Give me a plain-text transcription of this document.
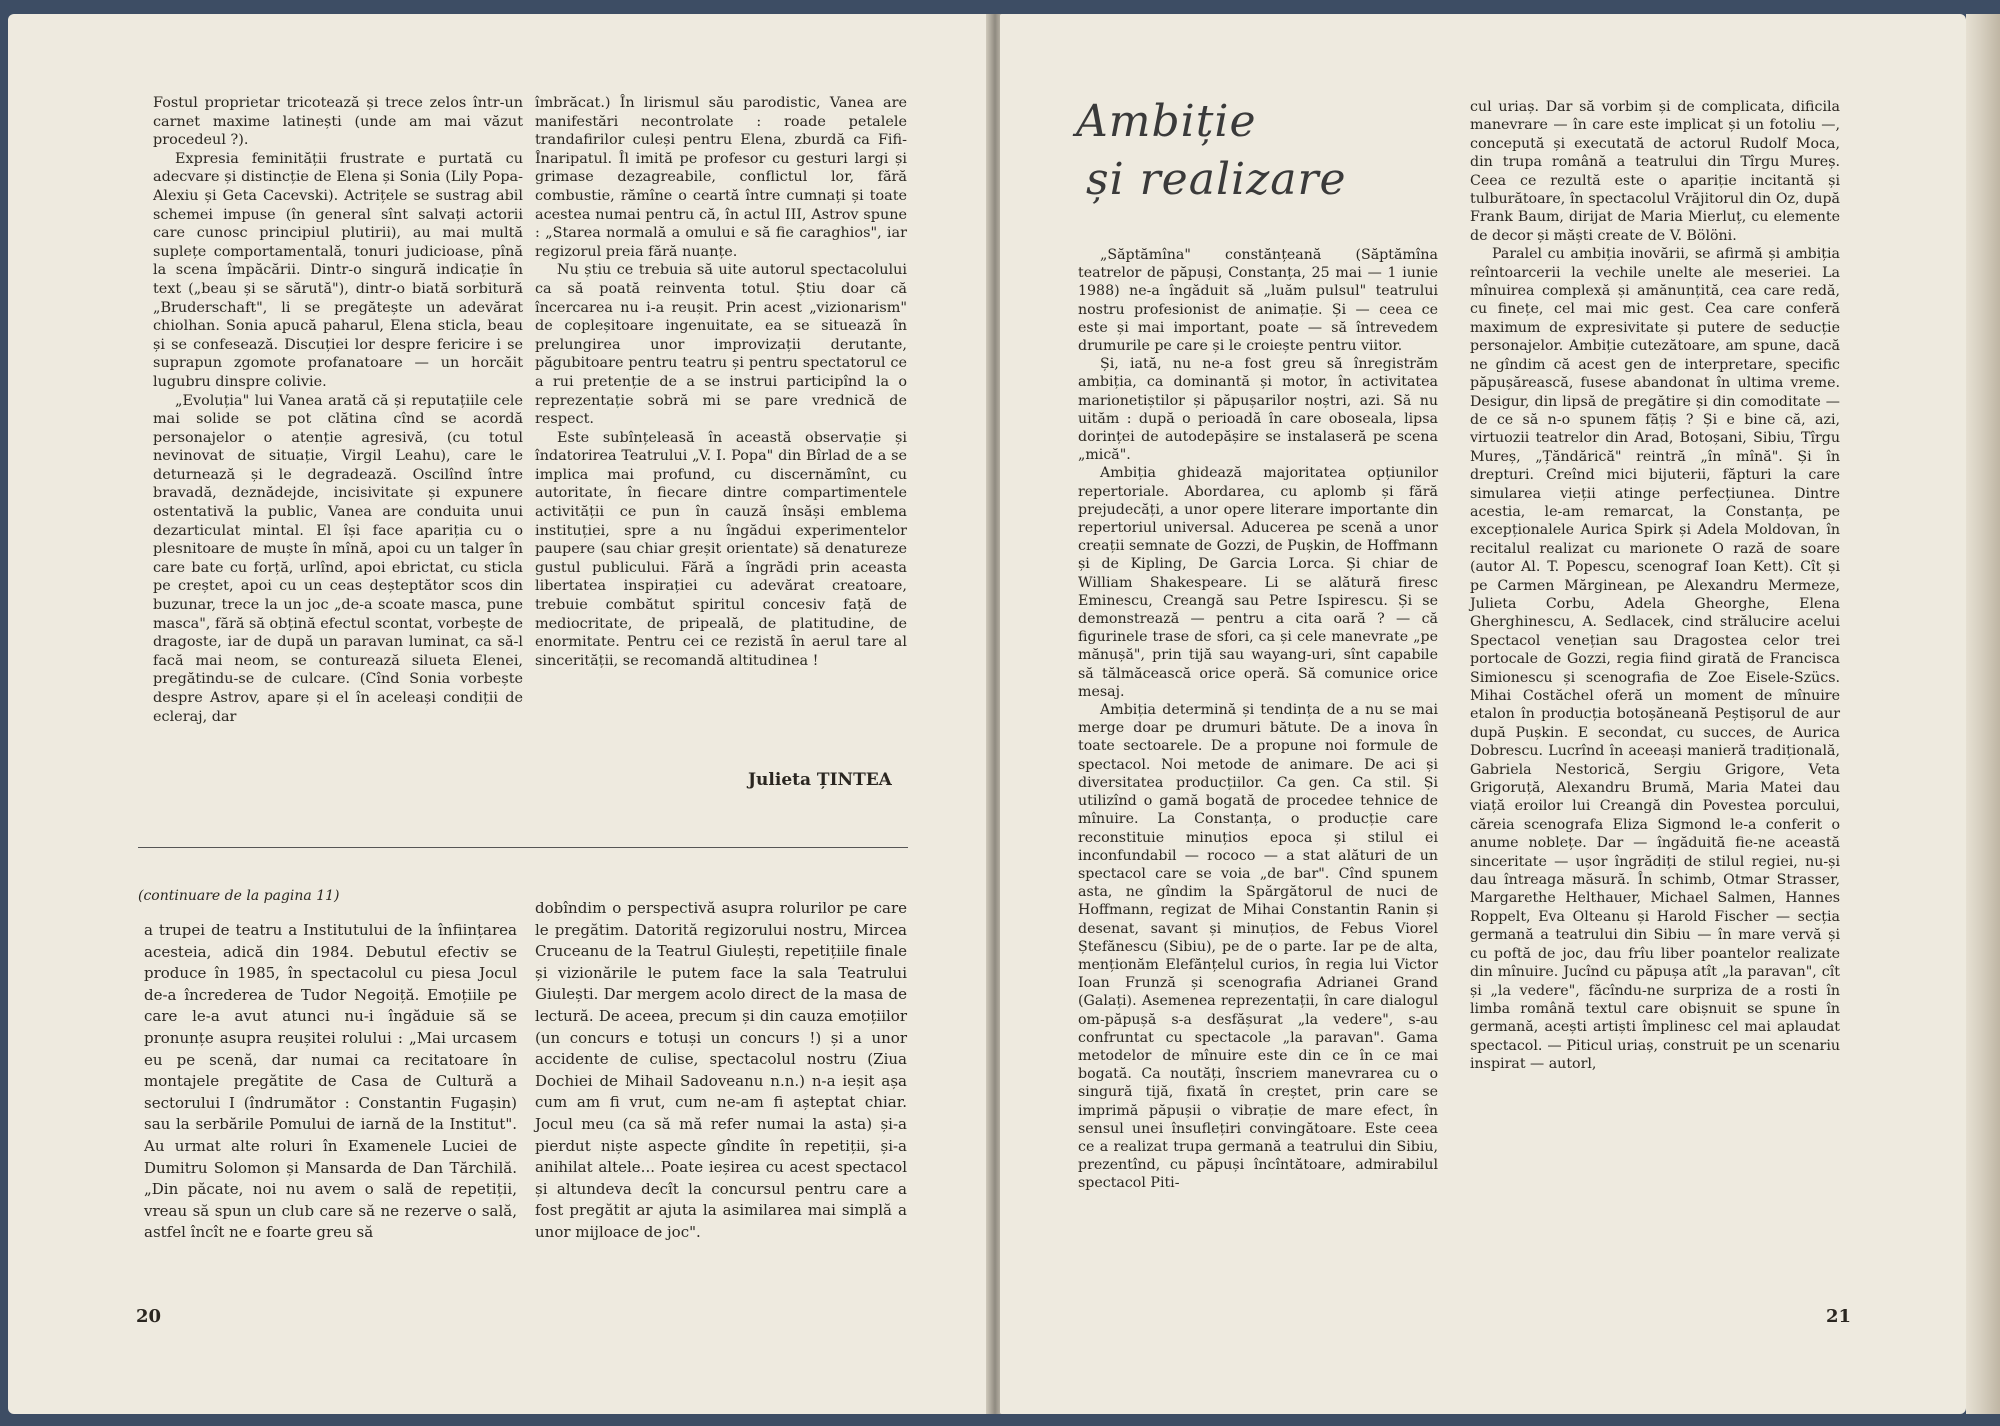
Fostul proprietar tricotează și trece zelos într-un carnet maxime latinești (unde am mai văzut procedeul ?).

Expresia feminității frustrate e purtată cu adecvare și distincție de Elena și Sonia (Lily Popa-Alexiu și Geta Cacevski). Actrițele se sustrag abil schemei impuse (în general sînt salvați actorii care cunosc principiul plutirii), au mai multă suplețe comportamentală, tonuri judicioase, pînă la scena împăcării. Dintr-o singură indicație în text („beau și se sărută"), dintr-o biată sorbitură „Bruderschaft", li se pregătește un adevărat chiolhan. Sonia apucă paharul, Elena sticla, beau și se confesează. Discuției lor despre fericire i se suprapun zgomote profanatoare — un horcăit lugubru dinspre colivie.

„Evoluția" lui Vanea arată că și reputațiile cele mai solide se pot clătina cînd se acordă personajelor o atenție agresivă, (cu totul nevinovat de situație, Virgil Leahu), care le deturnează și le degradează. Oscilînd între bravadă, deznădejde, incisivitate și expunere ostentativă la public, Vanea are conduita unui dezarticulat mintal. El își face apariția cu o plesnitoare de muște în mînă, apoi cu un talger în care bate cu forță, urlînd, apoi ebrictat, cu sticla pe creștet, apoi cu un ceas deșteptător scos din buzunar, trece la un joc „de-a scoate masca, pune masca", fără să obțină efectul scontat, vorbește de dragoste, iar de după un paravan luminat, ca să-l facă mai neom, se conturează silueta Elenei, pregătindu-se de culcare. (Cînd Sonia vorbește despre Astrov, apare și el în aceleași condiții de eclerај, dar

îmbrăcat.) În lirismul său parodistic, Vanea are manifestări necontrolate : roade petalele trandafirilor culeși pentru Elena, zburdă ca Fifi-Înaripatul. Îl imită pe profesor cu gesturi largi și grimase dezagreabile, conflictul lor, fără combustie, rămîne o ceartă între cumnați și toate acestea numai pentru că, în actul III, Astrov spune : „Starea normală a omului e să fie caraghios", iar regizorul preia fără nuanțe.

Nu știu ce trebuia să uite autorul spectacolului ca să poată reinventa totul. Știu doar că încercarea nu i-a reușit. Prin acest „vizionarism" de copleșitoare ingenuitate, ea se situează în prelungirea unor improvizații derutante, păgubitoare pentru teatru și pentru spectatorul ce a rui pretenție de a se instrui participînd la o reprezentație sobră mi se pare vrednică de respect.

Este subînțeleasă în această observație și îndatorirea Teatrului „V. I. Popa" din Bîrlad de a se implica mai profund, cu discernămînt, cu autoritate, în fiecare dintre compartimentele activității ce pun în cauză însăși emblema instituției, spre a nu îngădui experimentelor paupere (sau chiar greșit orientate) să denatureze gustul publicului. Fără a îngrădi prin aceasta libertatea inspirației cu adevărat creatoare, trebuie combătut spiritul concesiv față de mediocritate, de pripeală, de platitudine, de enormitate. Pentru cei ce rezistă în aerul tare al sincerității, se recomandă altitudinea !

Julieta ȚINTEA
(continuare de la pagina 11)

a trupei de teatru a Institutului de la înființarea acesteia, adică din 1984. Debutul efectiv se produce în 1985, în spectacolul cu piesa Jocul de-a încrederea de Tudor Negoiță. Emoțiile pe care le-a avut atunci nu-i îngăduie să se pronunțe asupra reușitei rolului : „Mai urcasem eu pe scenă, dar numai ca recitatoare în montajele pregătite de Casa de Cultură a sectorului I (îndrumător : Constantin Fugașin) sau la serbările Pomului de iarnă de la Institut". Au urmat alte roluri în Examenele Luciei de Dumitru Solomon și Mansarda de Dan Tărchilă. „Din păcate, noi nu avem o sală de repetiții, vreau să spun un club care să ne rezerve o sală, astfel încît ne e foarte greu să

dobîndim o perspectivă asupra rolurilor pe care le pregătim. Datorită regizorului nostru, Mircea Cruceanu de la Teatrul Giulești, repetițiile finale și vizionările le putem face la sala Teatrului Giulești. Dar mergem acolo direct de la masa de lectură. De aceea, precum și din cauza emoțiilor (un concurs e totuși un concurs !) și a unor accidente de culise, spectacolul nostru (Ziua Dochiei de Mihail Sadoveanu n.n.) n-a ieșit așa cum am fi vrut, cum ne-am fi așteptat chiar. Jocul meu (ca să mă refer numai la asta) și-a pierdut niște aspecte gîndite în repetiții, și-a anihilat altele... Poate ieșirea cu acest spectacol și altundeva decît la concursul pentru care a fost pregătit ar ajuta la asimilarea mai simplă a unor mijloace de joc".

20
Ambiție
și realizare

„Săptămîna" constănțeană (Săptămîna teatrelor de păpuși, Constanța, 25 mai — 1 iunie 1988) ne-a îngăduit să „luăm pulsul" teatrului nostru profesionist de animație. Și — ceea ce este și mai important, poate — să întrevedem drumurile pe care și le croiește pentru viitor.

Și, iată, nu ne-a fost greu să înregistrăm ambiția, ca dominantă și motor, în activitatea marionetiștilor și păpușarilor noștri, azi. Să nu uităm : după o perioadă în care oboseala, lipsa dorinței de autodepășire se instalaseră pe scena „mică".

Ambiția ghidează majoritatea opțiunilor repertoriale. Abordarea, cu aplomb și fără prejudecăți, a unor opere literare importante din repertoriul universal. Aducerea pe scenă a unor creații semnate de Gozzi, de Pușkin, de Hoffmann și de Kipling, De Garcia Lorca. Și chiar de William Shakespeare. Li se alătură firesc Eminescu, Creangă sau Petre Ispirescu. Și se demonstrează — pentru a cita oară ? — că figurinele trase de sfori, ca și cele manevrate „pe mănușă", prin tijă sau wayang-uri, sînt capabile să tălmăcească orice operă. Să comunice orice mesaj.

Ambiția determină și tendința de a nu se mai merge doar pe drumuri bătute. De a inova în toate sectoarele. De a propune noi formule de spectacol. Noi metode de animare. De aci și diversitatea producțiilor. Ca gen. Ca stil. Și utilizînd o gamă bogată de procedee tehnice de mînuire. La Constanța, o producție care reconstituie minuțios epoca și stilul ei inconfundabil — rococo — a stat alături de un spectacol care se voia „de bar". Cînd spunem asta, ne gîndim la Spărgătorul de nuci de Hoffmann, regizat de Mihai Constantin Ranin și desenat, savant și minuțios, de Febus Viorel Ștefănescu (Sibiu), pe de o parte. Iar pe de alta, menționăm Elefănțelul curios, în regia lui Victor Ioan Frunză și scenografia Adrianei Grand (Galați). Asemenea reprezentații, în care dialogul om-păpușă s-a desfășurat „la vedere", s-au confruntat cu spectacole „la paravan". Gama metodelor de mînuire este din ce în ce mai bogată. Ca noutăți, înscriem manevrarea cu o singură tijă, fixată în creștet, prin care se imprimă păpușii o vibrație de mare efect, în sensul unei însuflețiri convingătoare. Este ceea ce a realizat trupa germană a teatrului din Sibiu, prezentînd, cu păpuși încîntătoare, admirabilul spectacol Piti-

cul uriaș. Dar să vorbim și de complicata, dificila manevrare — în care este implicat și un fotoliu —, concepută și executată de actorul Rudolf Moca, din trupa română a teatrului din Tîrgu Mureș. Ceea ce rezultă este o apariție incitantă și tulburătoare, în spectacolul Vrăjitorul din Oz, după Frank Baum, dirijat de Maria Mierluț, cu elemente de decor și măști create de V. Bölöni.

Paralel cu ambiția inovării, se afirmă și ambiția reîntoarcerii la vechile unelte ale meseriei. La mînuirea complexă și amănunțită, cea care redă, cu finețe, cel mai mic gest. Cea care conferă maximum de expresivitate și putere de seducție personajelor. Ambiție cutezătoare, am spune, dacă ne gîndim că acest gen de interpretare, specific păpușărească, fusese abandonat în ultima vreme. Desigur, din lipsă de pregătire și din comoditate — de ce să n-o spunem fățiș ? Și e bine că, azi, virtuozii teatrelor din Arad, Botoșani, Sibiu, Tîrgu Mureș, „Țăndărică" reintră „în mînă". Și în drepturi. Creînd mici bijuterii, făpturi la care simularea vieții atinge perfecțiunea. Dintre acestia, le-am remarcat, la Constanța, pe excepționalele Aurica Spirk și Adela Moldovan, în recitalul realizat cu marionete O rază de soare (autor Al. T. Popescu, scenograf Ioan Kett). Cît și pe Carmen Mărginean, pe Alexandru Mermeze, Julieta Corbu, Adela Gheorghe, Elena Gherghinescu, A. Sedlacek, cind strălucire acelui Spectacol venețian sau Dragostea celor trei portocale de Gozzi, regia fiind girată de Francisca Simionescu și scenografia de Zoe Eisele-Szücs. Mihai Costăchel oferă un moment de mînuire etalon în producția botoșăneană Peștișorul de aur după Pușkin. E secondat, cu succes, de Aurica Dobrescu. Lucrînd în aceeași manieră tradițională, Gabriela Nestorică, Sergiu Grigore, Veta Grigoruță, Alexandru Brumă, Maria Matei dau viață eroilor lui Creangă din Povestea porcului, căreia scenografa Eliza Sigmond le-a conferit o anume noblețe. Dar — îngăduită fie-ne această sinceritate — ușor îngrădiți de stilul regiei, nu-și dau întreaga măsură. În schimb, Otmar Strasser, Margarethe Helthauer, Michael Salmen, Hannes Roppelt, Eva Olteanu și Harold Fischer — secția germană a teatrului din Sibiu — în mare vervă și cu poftă de joc, dau frîu liber poantelor realizate din mînuire. Jucînd cu păpușa atît „la paravan", cît și „la vedere", făcîndu-ne surpriza de a rosti în limba română textul care obișnuit se spune în germană, acești artiști împlinesc cel mai aplaudat spectacol. — Piticul uriaș, construit pe un scenariu inspirat — autorl,

21
